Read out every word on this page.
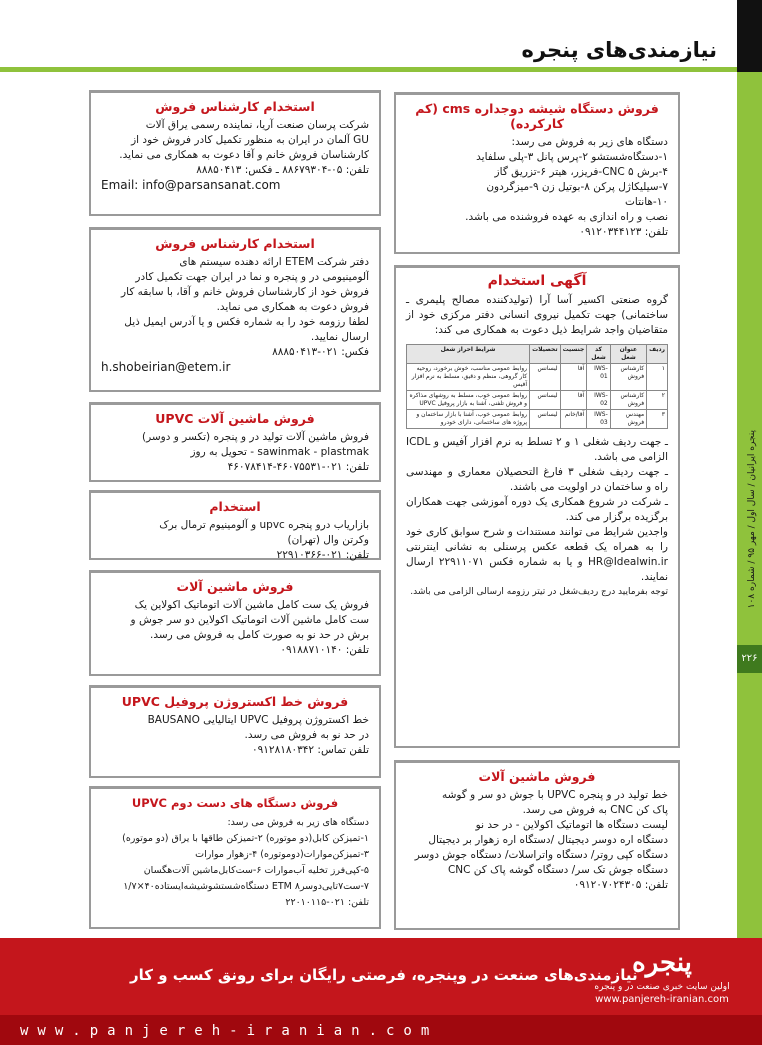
پنجره ایرانیان / سال اول / مهر ۹۵ / شماره ۱۰۸
۲۲۶
نیازمندی‌های پنجره
فروش دستگاه شیشه دوجداره cms (کم کارکرده)
دستگاه های زیر به فروش می رسد:
۱-دستگاه‌شستشو ۲-پرس پانل ۳-پلی سلفاید
۴-برش CNC ۵-فریزر، هیتر ۶-تزریق گاز
۷-سیلیکاژل پرکن ۸-بوتیل زن ۹-میزگردون
۱۰-هانتات
نصب و راه اندازی به عهده فروشنده می باشد.
تلفن: ۰۹۱۲۰۳۴۴۱۲۳
آگهی استخدام
گروه صنعتی اکسیر آسا آرا (تولیدکننده مصالح پلیمری ـ ساختمانی) جهت تکمیل نیروی انسانی دفتر مرکزی خود از متقاضیان واجد شرایط ذیل دعوت به همکاری می کند:
ردیف	عنوان شغل	کد شغل	جنسیت	تحصیلات	شرایط احراز شغل
۱	کارشناس فروش	IWS-01	آقا	لیسانس	روابط عمومی مناسب، خوش برخورد، روحیه کار گروهی، منظم و دقیق، مسلط به نرم افزار آفیس
۲	کارشناس فروش	IWS-02	آقا	لیسانس	روابط عمومی خوب، مسلط به روشهای مذاکره و فروش تلفنی، آشنا به بازار پروفیل UPVC
۳	مهندس فروش	IWS-03	آقا/خانم	لیسانس	روابط عمومی خوب، آشنا با بازار ساختمان و پروژه های ساختمانی، دارای خودرو
ـ جهت ردیف شغلی ۱ و ۲ تسلط به نرم افزار آفیس و ICDL الزامی می باشد.
ـ جهت ردیف شغلی ۳ فارغ التحصیلان معماری و مهندسی راه و ساختمان در اولویت می باشند.
ـ شرکت در شروع همکاری یک دوره آموزشی جهت همکاران برگزیده برگزار می کند.
واجدین شرایط می توانند مستندات و شرح سوابق کاری خود را به همراه یک قطعه عکس پرسنلی به نشانی اینترنتی HR@Idealwin.ir و یا به شماره فکس ۲۲۹۱۱۰۷۱ ارسال نمایند.
توجه بفرمایید درج ردیف‌شغل در تیتر رزومه ارسالی الزامی می باشد.
فروش ماشین آلات
خط تولید در و پنجره UPVC با جوش دو سر و گوشه
پاک کن CNC به فروش می رسد.
لیست دستگاه ها اتوماتیک اکولاین - در حد نو
دستگاه اره دوسر دیجیتال /دستگاه اره زهوار بر دیجیتال
دستگاه کپی روتر/ دستگاه واتراسلات/ دستگاه جوش دوسر
دستگاه جوش تک سر/ دستگاه گوشه پاک کن CNC
تلفن: ۰۹۱۲۰۷۰۲۴۳۰۵
استخدام کارشناس فروش
شرکت پرسان صنعت آریا، نماینده رسمی یراق آلات
GU آلمان در ایران به منظور تکمیل کادر فروش خود از
کارشناسان فروش خانم و آقا دعوت به همکاری می نماید.
تلفن: ۰۵-۸۸۶۷۹۳۰۴ ـ فکس: ۸۸۸۵۰۴۱۳
Email: info@parsansanat.com
استخدام کارشناس فروش
دفتر شرکت ETEM ارائه دهنده سیستم های
آلومینیومی در و پنجره و نما در ایران جهت تکمیل کادر
فروش خود از کارشناسان فروش خانم و آقا، با سابقه کار
فروش دعوت به همکاری می نماید.
لطفا رزومه خود را به شماره فکس و یا آدرس ایمیل ذیل
ارسال نمایید.
فکس: ۰۲۱-۸۸۸۵۰۴۱۳
h.shobeirian@etem.ir
فروش ماشین آلات UPVC
فروش ماشین آلات تولید در و پنجره (تکسر و دوسر)
sawinmak - plastmak - تحویل به روز
تلفن: ۰۲۱-۴۶۰۷۵۵۳۱-۴۶۰۷۸۴۱۴
استخدام
بازاریاب درو پنجره upvc و آلومینیوم ترمال برک
وکرتن وال (تهران)
تلفن: ۰۲۱-۲۲۹۱۰۳۶۶
فروش ماشین آلات
فروش یک ست کامل ماشین آلات اتوماتیک اکولاین یک
ست کامل ماشین آلات اتوماتیک اکولاین دو سر جوش و
برش در حد نو به صورت کامل به فروش می رسد.
تلفن: ۰۹۱۸۸۷۱۰۱۴۰
فروش خط اکستروژن پروفیل UPVC
خط اکستروژن پروفیل UPVC ایتالیایی BAUSANO
در حد نو به فروش می رسد.
تلفن تماس: ۰۹۱۲۸۱۸۰۳۴۲
فروش دستگاه های دست دوم UPVC
دستگاه های زیر به فروش می رسد:
۱-تمیزکن کابل(دو موتوره) ۲-تمیزکن طاقها با یراق (دو موتوره)
۳-تمیزکن‌موارات(دوموتوره) ۴-زهوار موارات
۵-کپی‌فرز تخلیه آب‌موارات ۶-ست‌کابل‌ماشین آلات‌هگسان
۷-ست۷تایی‌دوسرETM ۸ دستگاه‌شستشوشیشه‌ایستاده۴۰×۱/۷
تلفن: ۰۲۱-۲۲۰۱۰۱۱۵
نیازمندی‌های صنعت در وپنجره، فرصتی رایگان برای رونق کسب و کار
پنجره
اولین سایت خبری صنعت در و پنجره
www.panjereh-iranian.com
www.panjereh-iranian.com
